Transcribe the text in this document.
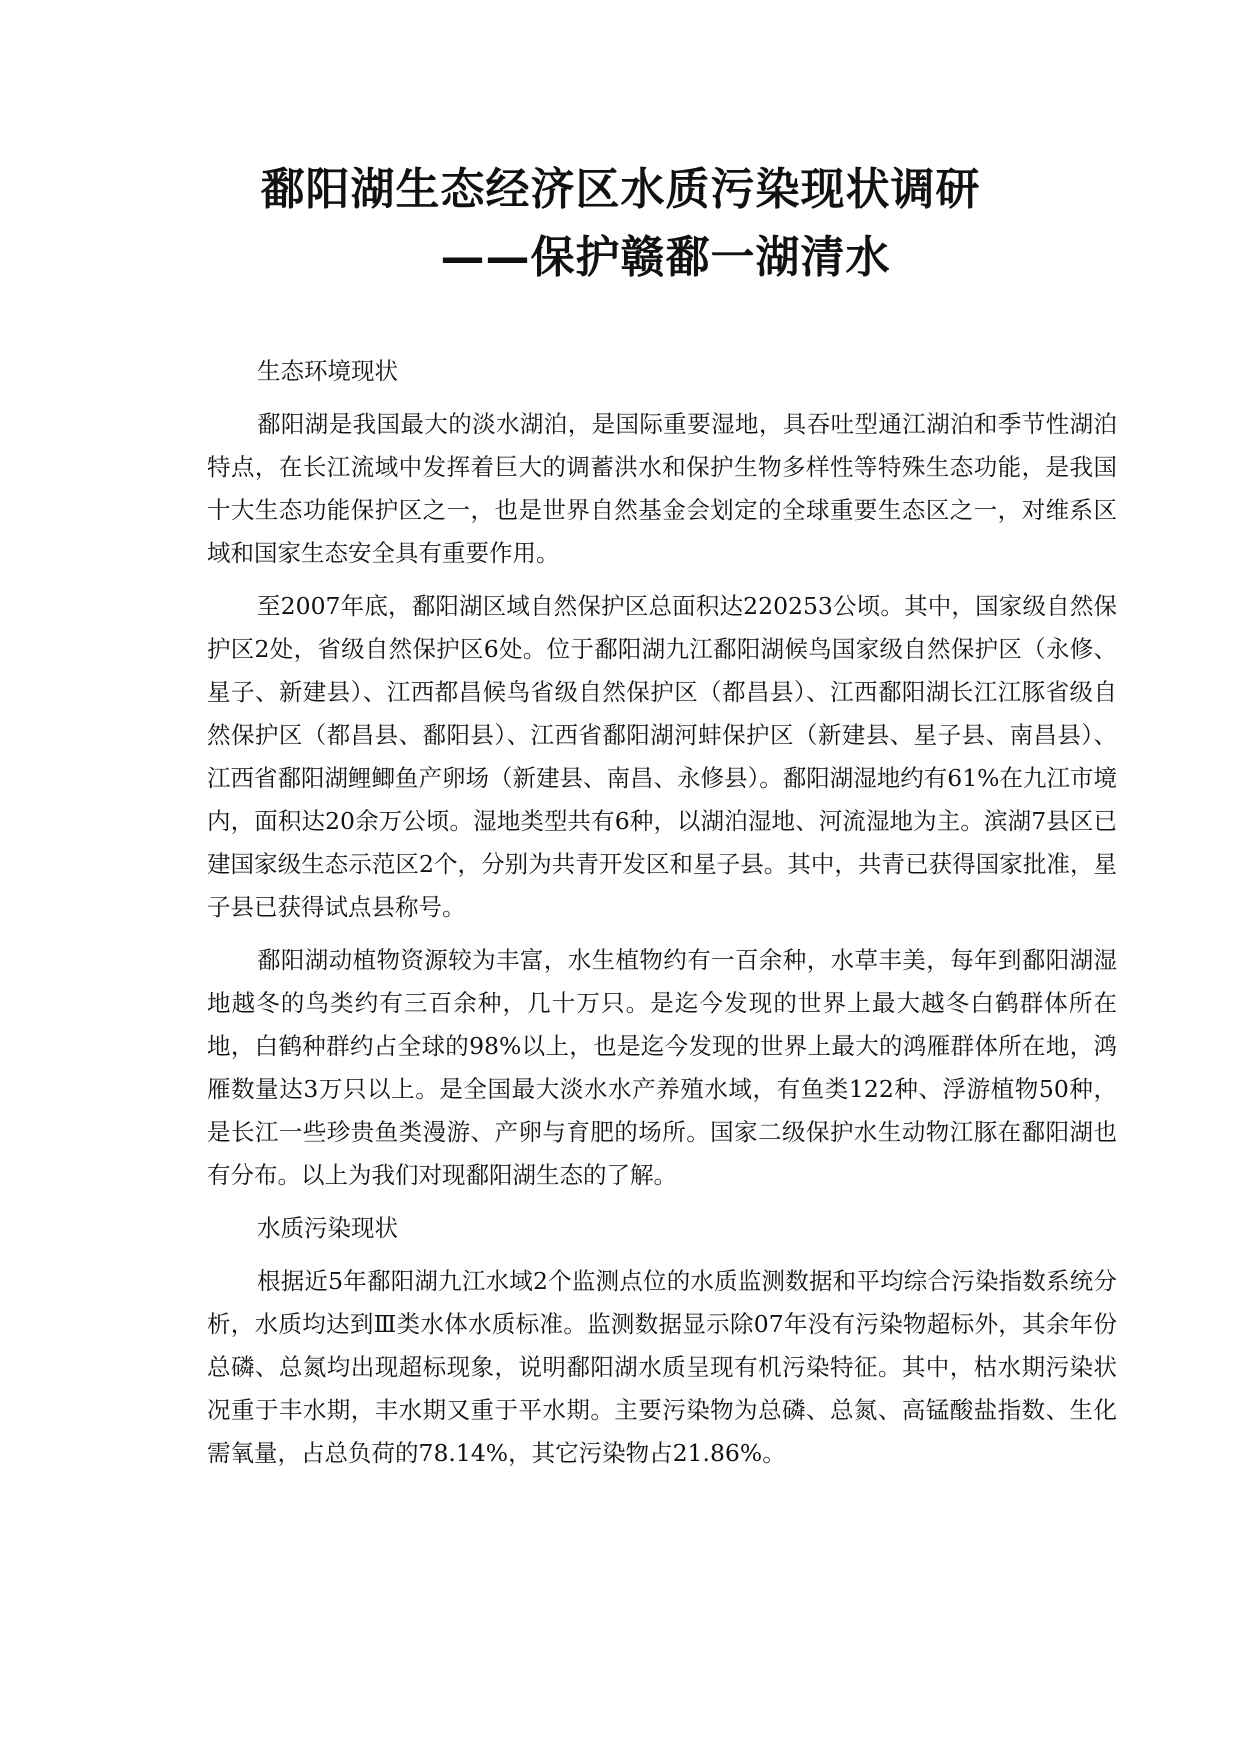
鄱阳湖生态经济区水质污染现状调研
——保护赣鄱一湖清水

生态环境现状

鄱阳湖是我国最大的淡水湖泊，是国际重要湿地，具吞吐型通江湖泊和季节性湖泊特点，在长江流域中发挥着巨大的调蓄洪水和保护生物多样性等特殊生态功能，是我国十大生态功能保护区之一，也是世界自然基金会划定的全球重要生态区之一，对维系区域和国家生态安全具有重要作用。

至2007年底，鄱阳湖区域自然保护区总面积达220253公顷。其中，国家级自然保护区2处，省级自然保护区6处。位于鄱阳湖九江鄱阳湖候鸟国家级自然保护区（永修、星子、新建县）、江西都昌候鸟省级自然保护区（都昌县）、江西鄱阳湖长江江豚省级自然保护区（都昌县、鄱阳县）、江西省鄱阳湖河蚌保护区（新建县、星子县、南昌县）、江西省鄱阳湖鲤鲫鱼产卵场（新建县、南昌、永修县）。鄱阳湖湿地约有61%在九江市境内，面积达20余万公顷。湿地类型共有6种，以湖泊湿地、河流湿地为主。滨湖7县区已建国家级生态示范区2个，分别为共青开发区和星子县。其中，共青已获得国家批准，星子县已获得试点县称号。

鄱阳湖动植物资源较为丰富，水生植物约有一百余种，水草丰美，每年到鄱阳湖湿地越冬的鸟类约有三百余种，几十万只。是迄今发现的世界上最大越冬白鹤群体所在地，白鹤种群约占全球的98%以上，也是迄今发现的世界上最大的鸿雁群体所在地，鸿雁数量达3万只以上。是全国最大淡水水产养殖水域，有鱼类122种、浮游植物50种，是长江一些珍贵鱼类漫游、产卵与育肥的场所。国家二级保护水生动物江豚在鄱阳湖也有分布。以上为我们对现鄱阳湖生态的了解。

水质污染现状

根据近5年鄱阳湖九江水域2个监测点位的水质监测数据和平均综合污染指数系统分析，水质均达到Ⅲ类水体水质标准。监测数据显示除07年没有污染物超标外，其余年份总磷、总氮均出现超标现象，说明鄱阳湖水质呈现有机污染特征。其中，枯水期污染状况重于丰水期，丰水期又重于平水期。主要污染物为总磷、总氮、高锰酸盐指数、生化需氧量，占总负荷的78.14%，其它污染物占21.86%。
